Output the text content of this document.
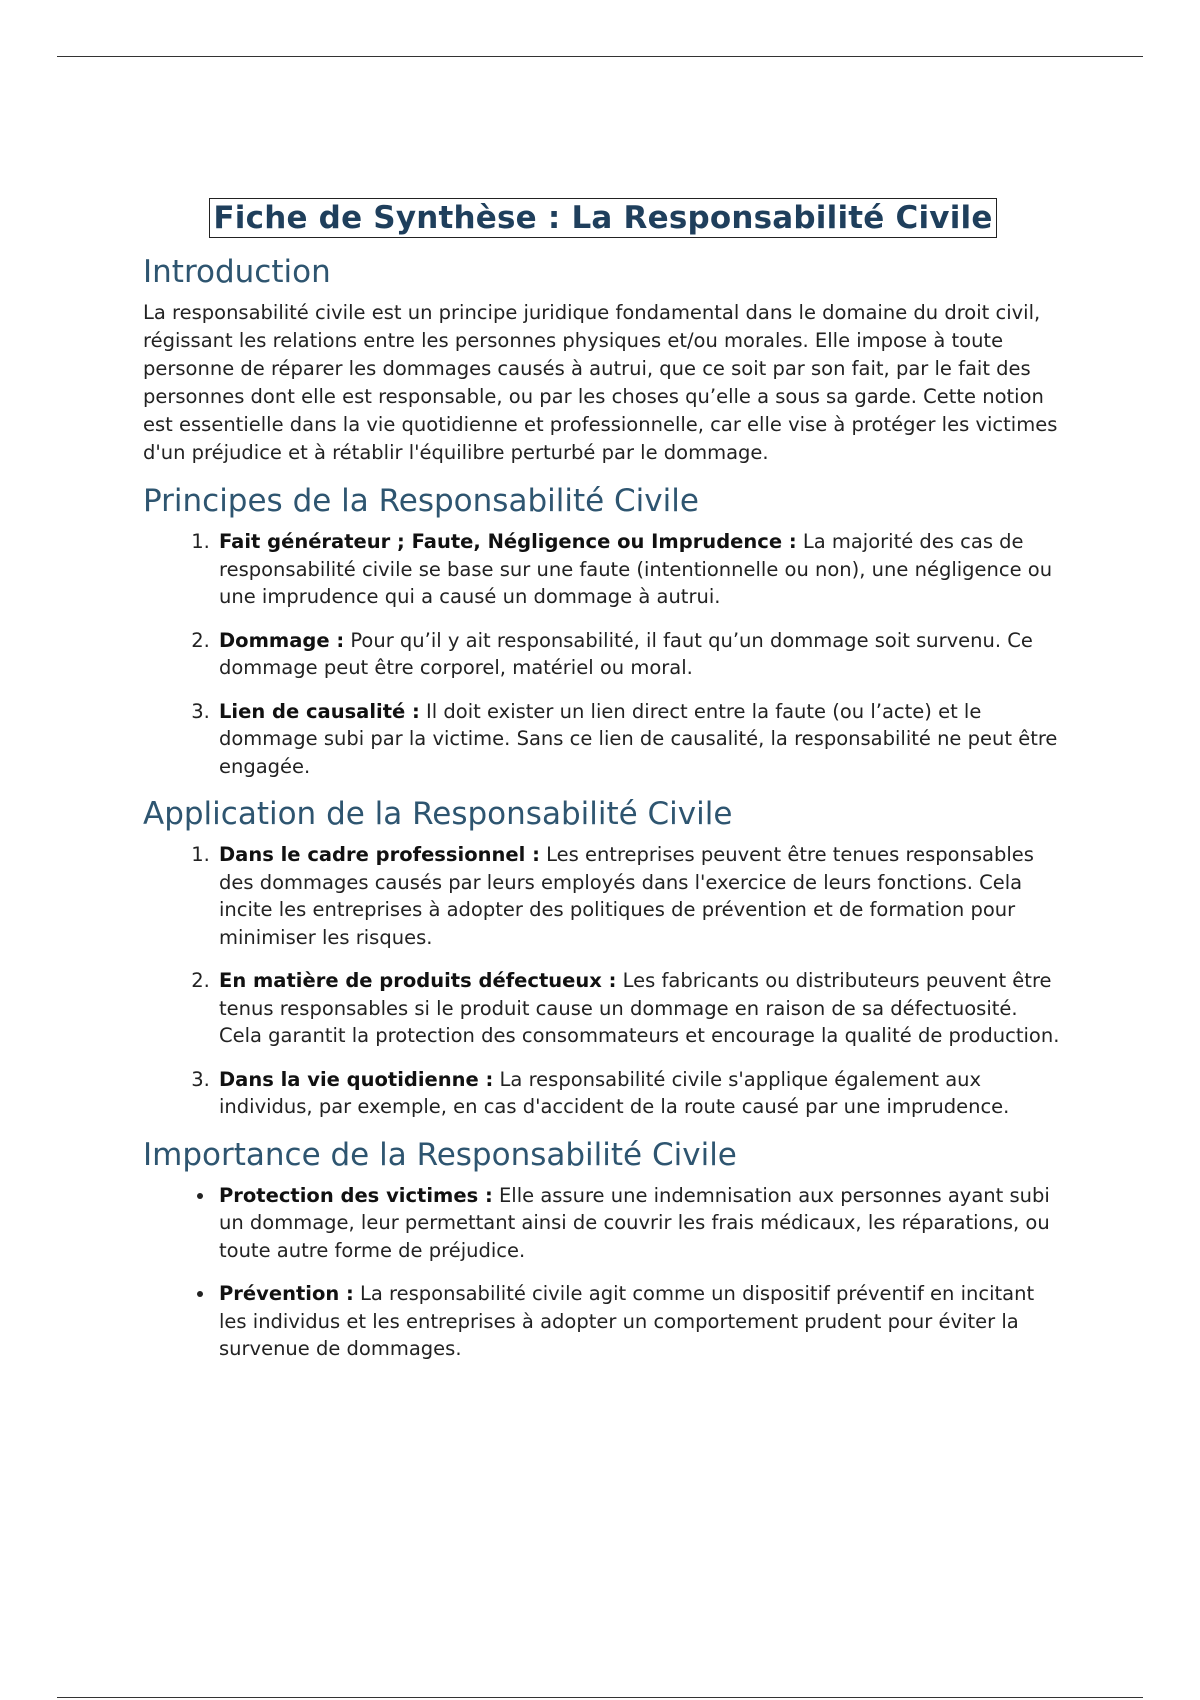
Fiche de Synthèse : La Responsabilité Civile
Introduction

La responsabilité civile est un principe juridique fondamental dans le domaine du droit civil, régissant les relations entre les personnes physiques et/ou morales. Elle impose à toute personne de réparer les dommages causés à autrui, que ce soit par son fait, par le fait des personnes dont elle est responsable, ou par les choses qu’elle a sous sa garde. Cette notion est essentielle dans la vie quotidienne et professionnelle, car elle vise à protéger les victimes d'un préjudice et à rétablir l'équilibre perturbé par le dommage.

Principes de la Responsabilité Civile
1. Fait générateur ; Faute, Négligence ou Imprudence : La majorité des cas de responsabilité civile se base sur une faute (intentionnelle ou non), une négligence ou une imprudence qui a causé un dommage à autrui.
2. Dommage : Pour qu’il y ait responsabilité, il faut qu’un dommage soit survenu. Ce dommage peut être corporel, matériel ou moral.
3. Lien de causalité : Il doit exister un lien direct entre la faute (ou l’acte) et le dommage subi par la victime. Sans ce lien de causalité, la responsabilité ne peut être engagée.
Application de la Responsabilité Civile
1. Dans le cadre professionnel : Les entreprises peuvent être tenues responsables des dommages causés par leurs employés dans l'exercice de leurs fonctions. Cela incite les entreprises à adopter des politiques de prévention et de formation pour minimiser les risques.
2. En matière de produits défectueux : Les fabricants ou distributeurs peuvent être tenus responsables si le produit cause un dommage en raison de sa défectuosité. Cela garantit la protection des consommateurs et encourage la qualité de production.
3. Dans la vie quotidienne : La responsabilité civile s'applique également aux individus, par exemple, en cas d'accident de la route causé par une imprudence.
Importance de la Responsabilité Civile
• Protection des victimes : Elle assure une indemnisation aux personnes ayant subi un dommage, leur permettant ainsi de couvrir les frais médicaux, les réparations, ou toute autre forme de préjudice.
• Prévention : La responsabilité civile agit comme un dispositif préventif en incitant les individus et les entreprises à adopter un comportement prudent pour éviter la survenue de dommages.
